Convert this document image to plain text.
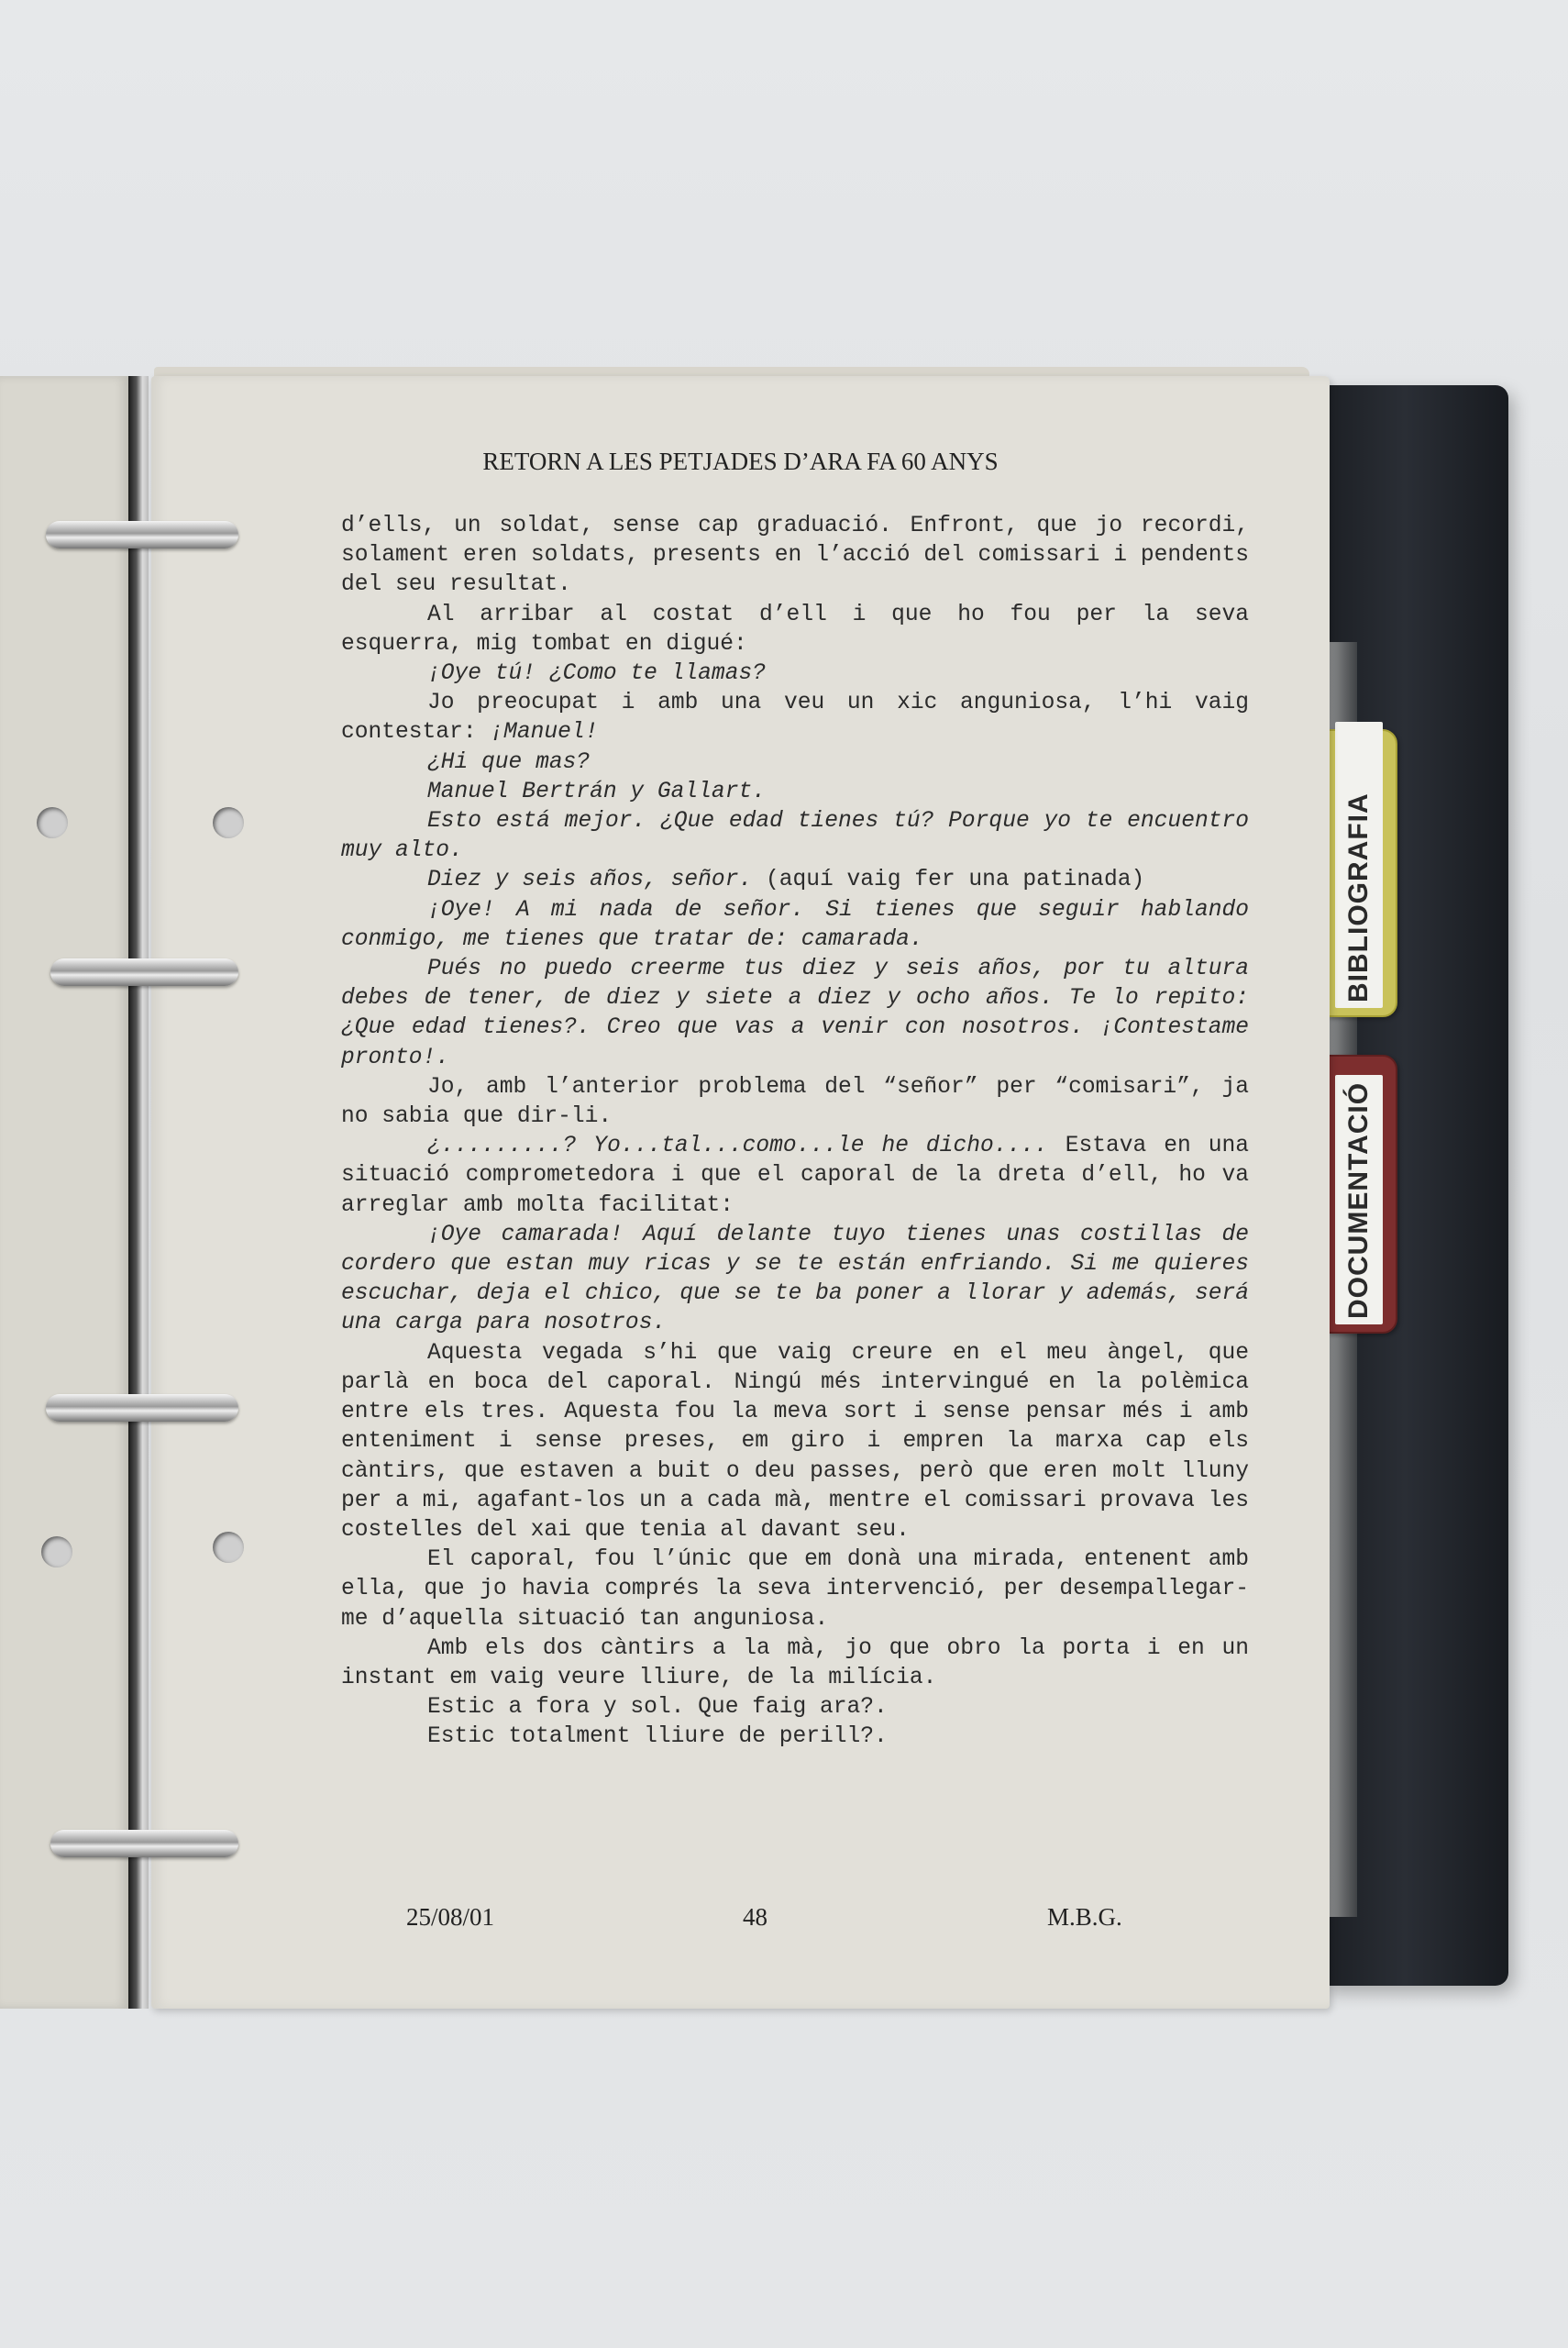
BIBLIOGRAFIA
DOCUMENTACIÓ
RETORN A LES PETJADES D’ARA FA 60 ANYS

d’ells, un soldat, sense cap graduació. Enfront, que jo recordi, solament eren soldats, presents en l’acció del comissari i pendents del seu resultat.

Al arribar al costat d’ell i que ho fou per la seva esquerra, mig tombat en digué:

¡Oye tú! ¿Como te llamas?

Jo preocupat i amb una veu un xic anguniosa, l’hi vaig contestar: ¡Manuel!

¿Hi que mas?

Manuel Bertrán y Gallart.

Esto está mejor. ¿Que edad tienes tú? Porque yo te encuentro muy alto.

Diez y seis años, señor. (aquí vaig fer una patinada)

¡Oye! A mi nada de señor. Si tienes que seguir hablando conmigo, me tienes que tratar de: camarada.

Pués no puedo creerme tus diez y seis años, por tu altura debes de tener, de diez y siete a diez y ocho años. Te lo repito: ¿Que edad tienes?. Creo que vas a venir con nosotros. ¡Contestame pronto!.

Jo, amb l’anterior problema del “señor” per “comisari”, ja no sabia que dir-li.

¿.........? Yo...tal...como...le he dicho.... Estava en una situació comprometedora i que el caporal de la dreta d’ell, ho va arreglar amb molta facilitat:

¡Oye camarada! Aquí delante tuyo tienes unas costillas de cordero que estan muy ricas y se te están enfriando. Si me quieres escuchar, deja el chico, que se te ba poner a llorar y además, será una carga para nosotros.

Aquesta vegada s’hi que vaig creure en el meu àngel, que parlà en boca del caporal. Ningú més intervingué en la polèmica entre els tres. Aquesta fou la meva sort i sense pensar més i amb enteniment i sense preses, em giro i empren la marxa cap els càntirs, que estaven a buit o deu passes, però que eren molt lluny per a mi, agafant-los un a cada mà, mentre el comissari provava les costelles del xai que tenia al davant seu.

El caporal, fou l’únic que em donà una mirada, entenent amb ella, que jo havia comprés la seva intervenció, per desempallegar-me d’aquella situació tan anguniosa.

Amb els dos càntirs a la mà, jo que obro la porta i en un instant em vaig veure lliure, de la milícia.

Estic a fora y sol. Que faig ara?.

Estic totalment lliure de perill?.

25/08/01	48	M.B.G.
